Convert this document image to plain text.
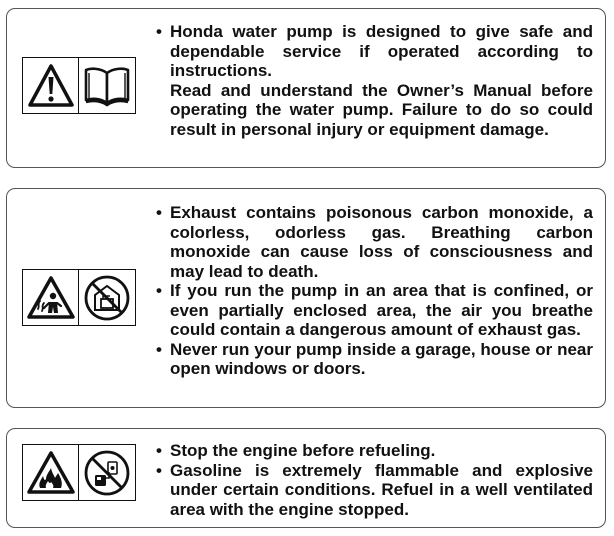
• Honda water pump is designed to give safe and dependable service if operated according to instructions.

Read and understand the Owner’s Manual before operating the water pump. Failure to do so could result in personal injury or equipment damage.

• Exhaust contains poisonous carbon monoxide, a colorless, odorless gas. Breathing carbon monoxide can cause loss of consciousness and may lead to death.

• If you run the pump in an area that is confined, or even partially enclosed area, the air you breathe could contain a dangerous amount of exhaust gas.

• Never run your pump inside a garage, house or near open windows or doors.

• Stop the engine before refueling.

• Gasoline is extremely flammable and explosive under certain conditions. Refuel in a well ventilated area with the engine stopped.
